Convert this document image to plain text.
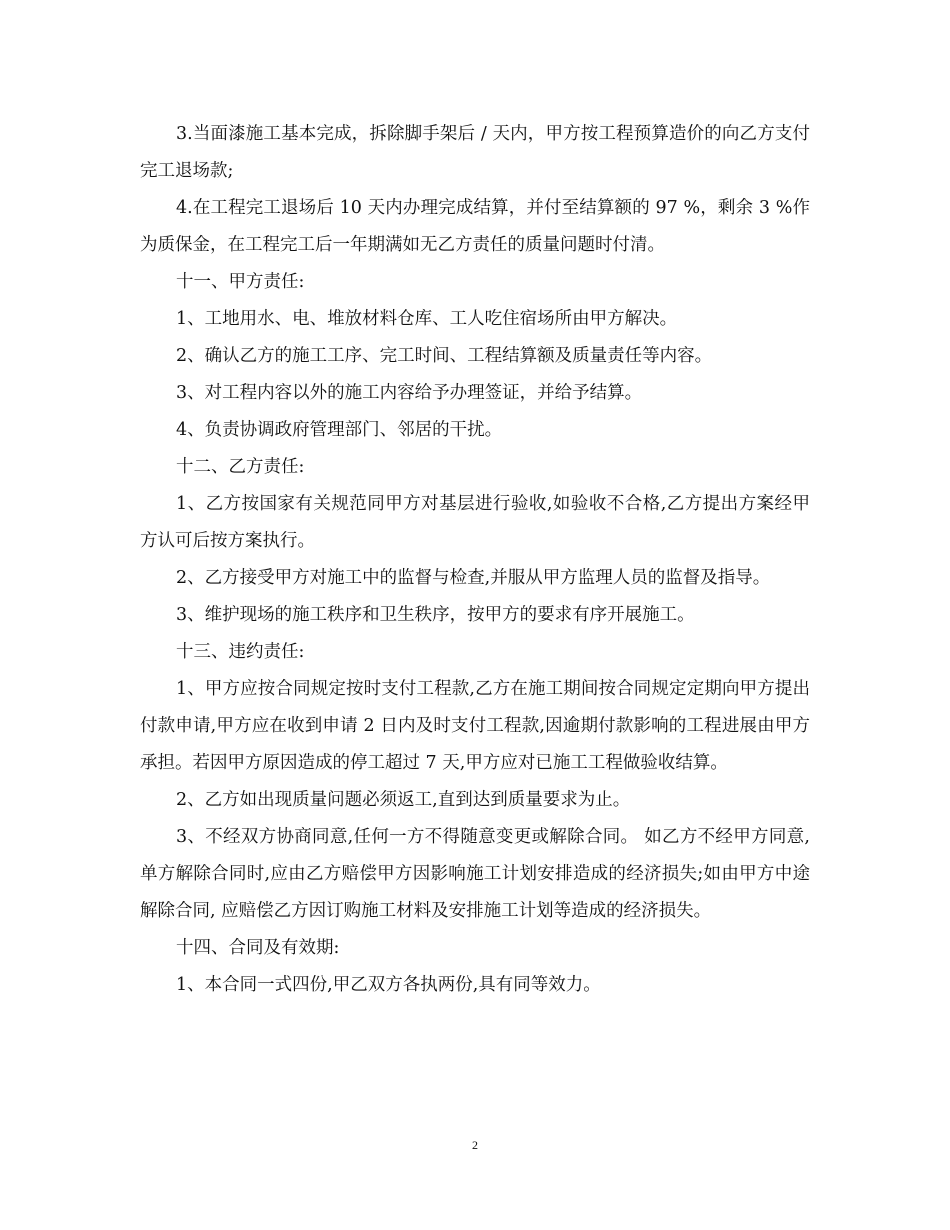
3.当面漆施工基本完成，拆除脚手架后 / 天内，甲方按工程预算造价的向乙方支付完工退场款;

4.在工程完工退场后 10 天内办理完成结算，并付至结算额的 97 %，剩余 3 %作为质保金，在工程完工后一年期满如无乙方责任的质量问题时付清。

十一、甲方责任:

1、工地用水、电、堆放材料仓库、工人吃住宿场所由甲方解决。

2、确认乙方的施工工序、完工时间、工程结算额及质量责任等内容。

3、对工程内容以外的施工内容给予办理签证，并给予结算。

4、负责协调政府管理部门、邻居的干扰。

十二、乙方责任:

1、乙方按国家有关规范同甲方对基层进行验收,如验收不合格,乙方提出方案经甲方认可后按方案执行。

2、乙方接受甲方对施工中的监督与检查,并服从甲方监理人员的监督及指导。

3、维护现场的施工秩序和卫生秩序，按甲方的要求有序开展施工。

十三、违约责任:

1、甲方应按合同规定按时支付工程款,乙方在施工期间按合同规定定期向甲方提出付款申请,甲方应在收到申请 2 日内及时支付工程款,因逾期付款影响的工程进展由甲方承担。若因甲方原因造成的停工超过 7 天,甲方应对已施工工程做验收结算。

2、乙方如出现质量问题必须返工,直到达到质量要求为止。

3、不经双方协商同意,任何一方不得随意变更或解除合同。 如乙方不经甲方同意,单方解除合同时,应由乙方赔偿甲方因影响施工计划安排造成的经济损失;如由甲方中途解除合同, 应赔偿乙方因订购施工材料及安排施工计划等造成的经济损失。

十四、合同及有效期:

1、本合同一式四份,甲乙双方各执两份,具有同等效力。

2
